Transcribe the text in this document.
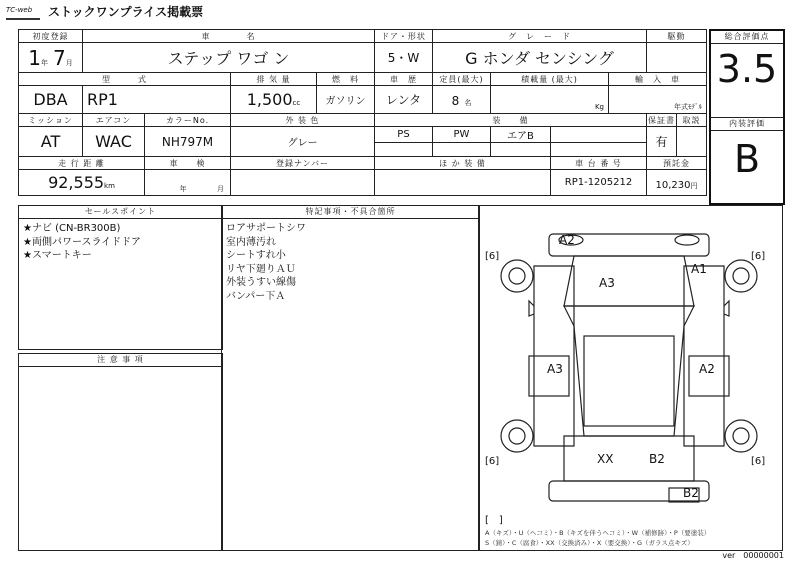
TC-web	ストックワンプライス掲載票
初度登録	車　　　　名				ドア・形状	グ　レ　ー　ド				駆動	
1年 7月	ステップ ワゴ ン				5・W	G ホンダ センシング					
型　　　式			排 気 量	燃　料	車　歴	定員(最大)	積載量 (最大)		輸　入　車		
DBA	RP1		1,500cc	ガソリン	レンタ	8 名	Kg		年式ﾓﾃﾞﾙ		
ミッション	エアコン	カラーNo.	外 装 色		装　　備					保証書	取説
AT	WAC	NH797M	グレー		PS	PW	エアB			有	

走 行 距 離		車　　検	登録ナンバー		ほ か 装 備			車 台 番 号		預託金	
92,555km		年 月						RP1-1205212		10,230円	
総合評価点
3.5
内装評価
B
セールスポイント
★ナビ (CN-BR300B)
★両側パワースライドドア
★スマートキー
注 意 事 項
特記事項・不具合箇所
ロアサポートシワ
室内薄汚れ
シートすれ小
リヤ下廻りＡＵ
外装うすい線傷
バンパー下Ａ
A2
A3
A1
A3	A2
XX	B2
B2
[6]	[6]
[6]	[6]
[　]
A（キズ）・U（ヘコミ）・B（キズを伴うヘコミ）・W（補修跡）・P（要塗装）
S（錆）・C（腐食）・XX（交換済み）・X（要交換）・G（ガラス点キズ）
ver　00000001
